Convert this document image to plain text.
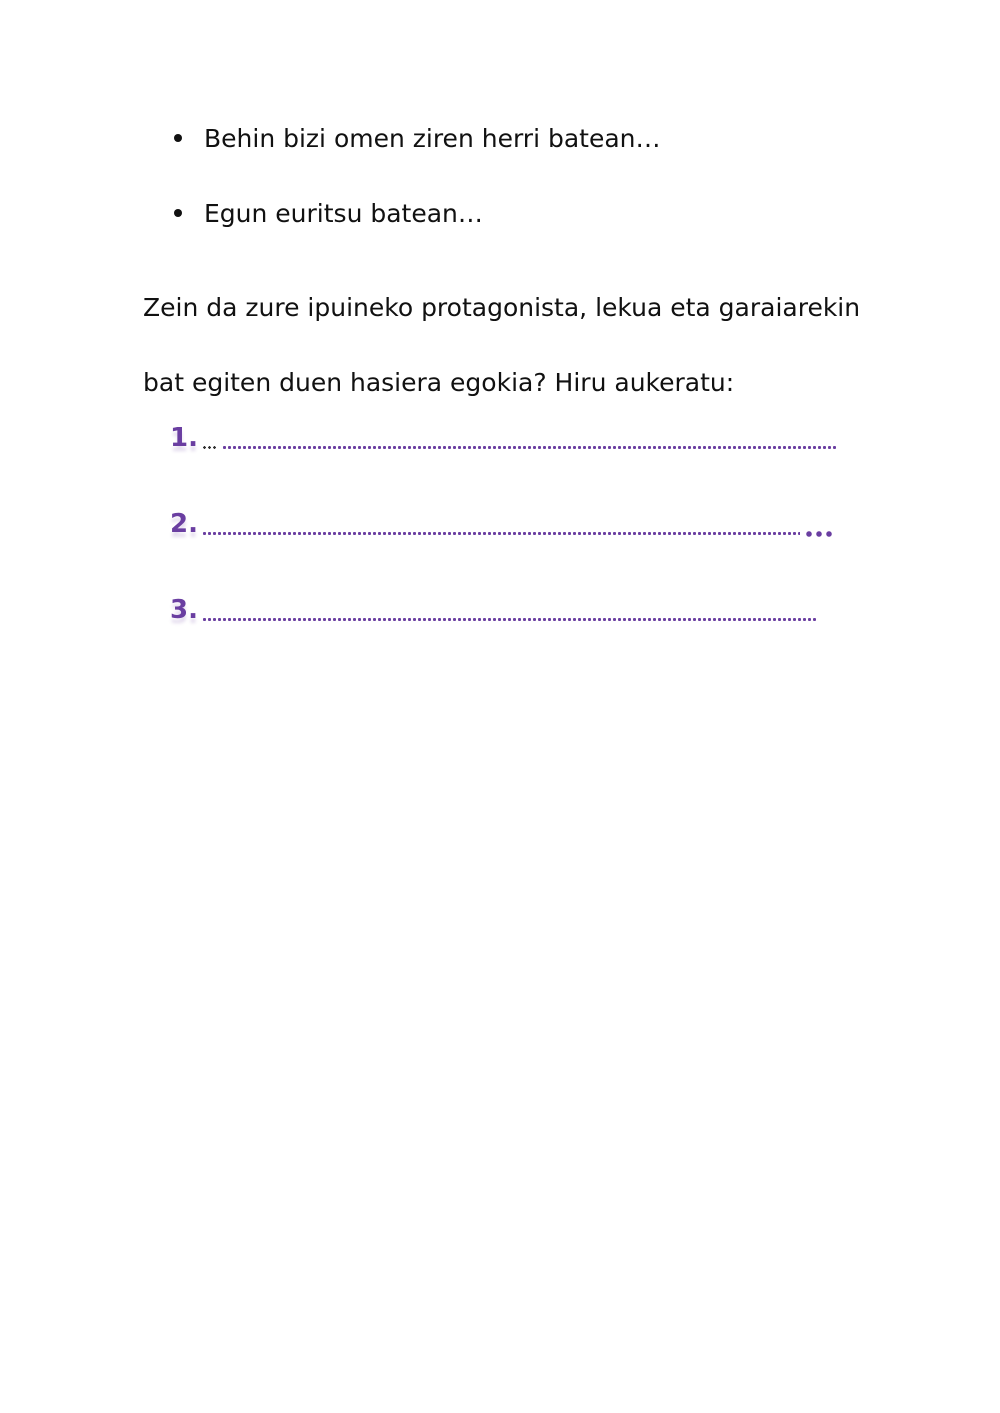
Behin bizi omen ziren herri batean…
Egun euritsu batean…

Zein da zure ipuineko protagonista, lekua eta garaiarekin
bat egiten duen hasiera egokia? Hiru aukeratu:

1.
2.
3.
